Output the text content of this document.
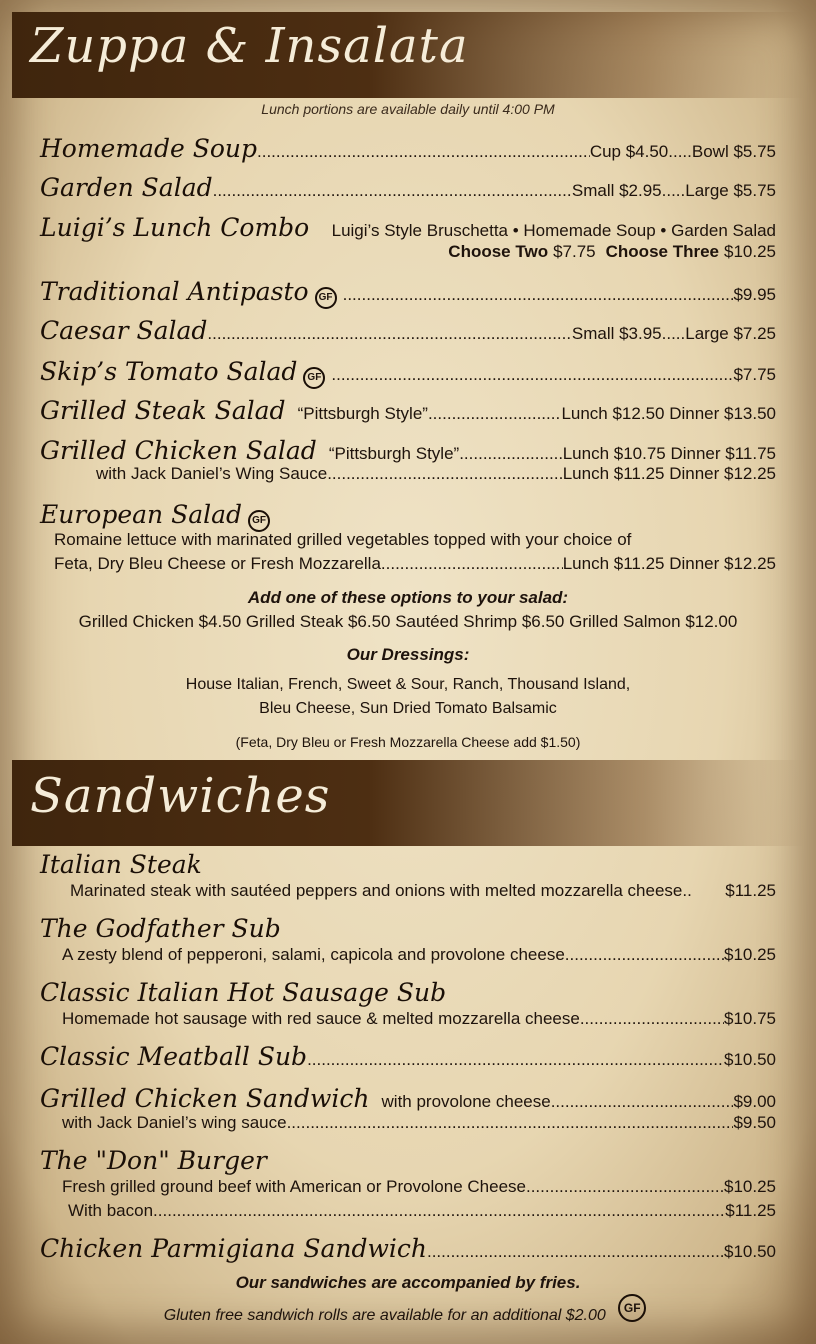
Zuppa & Insalata
Lunch portions are available daily until 4:00 PM
Homemade Soup .....	Cup $4.50.....Bowl $5.75
Garden Salad .....	Small $2.95.....Large $5.75
Luigi’s Lunch Combo	Luigi’s Style Bruschetta • Homemade Soup • Garden Salad
Choose Two $7.75 Choose Three $10.25
Traditional Antipasto	GF .....	$9.95
Caesar Salad .....	Small $3.95.....Large $7.25
Skip’s Tomato Salad	GF .....	$7.75
Grilled Steak Salad “Pittsburgh Style” .....	Lunch $12.50 Dinner $13.50
Grilled Chicken Salad “Pittsburgh Style” .....	Lunch $10.75 Dinner $11.75
with Jack Daniel’s Wing Sauce .....	Lunch $11.25 Dinner $12.25
European Salad	GF
Romaine lettuce with marinated grilled vegetables topped with your choice of
Feta, Dry Bleu Cheese or Fresh Mozzarella .....	Lunch $11.25 Dinner $12.25
Add one of these options to your salad:
Grilled Chicken $4.50 Grilled Steak $6.50 Sautéed Shrimp $6.50 Grilled Salmon $12.00
Our Dressings:
House Italian, French, Sweet & Sour, Ranch, Thousand Island,
Bleu Cheese, Sun Dried Tomato Balsamic
(Feta, Dry Bleu or Fresh Mozzarella Cheese add $1.50)
Sandwiches
Italian Steak
Marinated steak with sautéed peppers and onions with melted mozzarella cheese..	$11.25
The Godfather Sub
A zesty blend of pepperoni, salami, capicola and provolone cheese .....	$10.25
Classic Italian Hot Sausage Sub
Homemade hot sausage with red sauce & melted mozzarella cheese .....	$10.75
Classic Meatball Sub .....	$10.50
Grilled Chicken Sandwich with provolone cheese .....	$9.00
with Jack Daniel’s wing sauce .....	$9.50
The "Don" Burger
Fresh grilled ground beef with American or Provolone Cheese .....	$10.25
With bacon .....	$11.25
Chicken Parmigiana Sandwich .....	$10.50
Our sandwiches are accompanied by fries.
Gluten free sandwich rolls are available for an additional $2.00 GF
